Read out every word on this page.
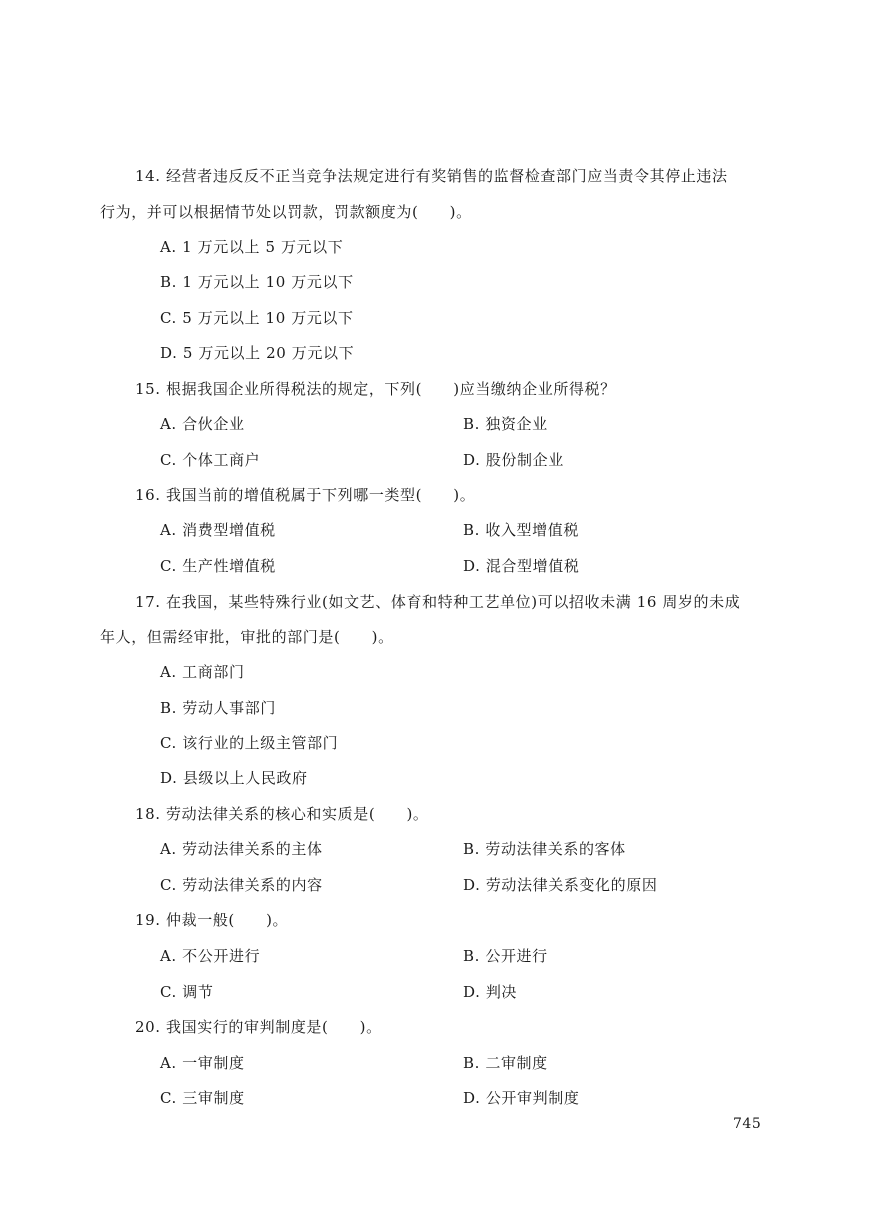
14. 经营者违反反不正当竞争法规定进行有奖销售的监督检查部门应当责令其停止违法
行为，并可以根据情节处以罚款，罚款额度为(　　)。
A. 1 万元以上 5 万元以下
B. 1 万元以上 10 万元以下
C. 5 万元以上 10 万元以下
D. 5 万元以上 20 万元以下
15. 根据我国企业所得税法的规定，下列(　　)应当缴纳企业所得税？
A. 合伙企业	B. 独资企业
C. 个体工商户	D. 股份制企业
16. 我国当前的增值税属于下列哪一类型(　　)。
A. 消费型增值税	B. 收入型增值税
C. 生产性增值税	D. 混合型增值税
17. 在我国，某些特殊行业(如文艺、体育和特种工艺单位)可以招收未满 16 周岁的未成
年人，但需经审批，审批的部门是(　　)。
A. 工商部门
B. 劳动人事部门
C. 该行业的上级主管部门
D. 县级以上人民政府
18. 劳动法律关系的核心和实质是(　　)。
A. 劳动法律关系的主体	B. 劳动法律关系的客体
C. 劳动法律关系的内容	D. 劳动法律关系变化的原因
19. 仲裁一般(　　)。
A. 不公开进行	B. 公开进行
C. 调节	D. 判决
20. 我国实行的审判制度是(　　)。
A. 一审制度	B. 二审制度
C. 三审制度	D. 公开审判制度
745
